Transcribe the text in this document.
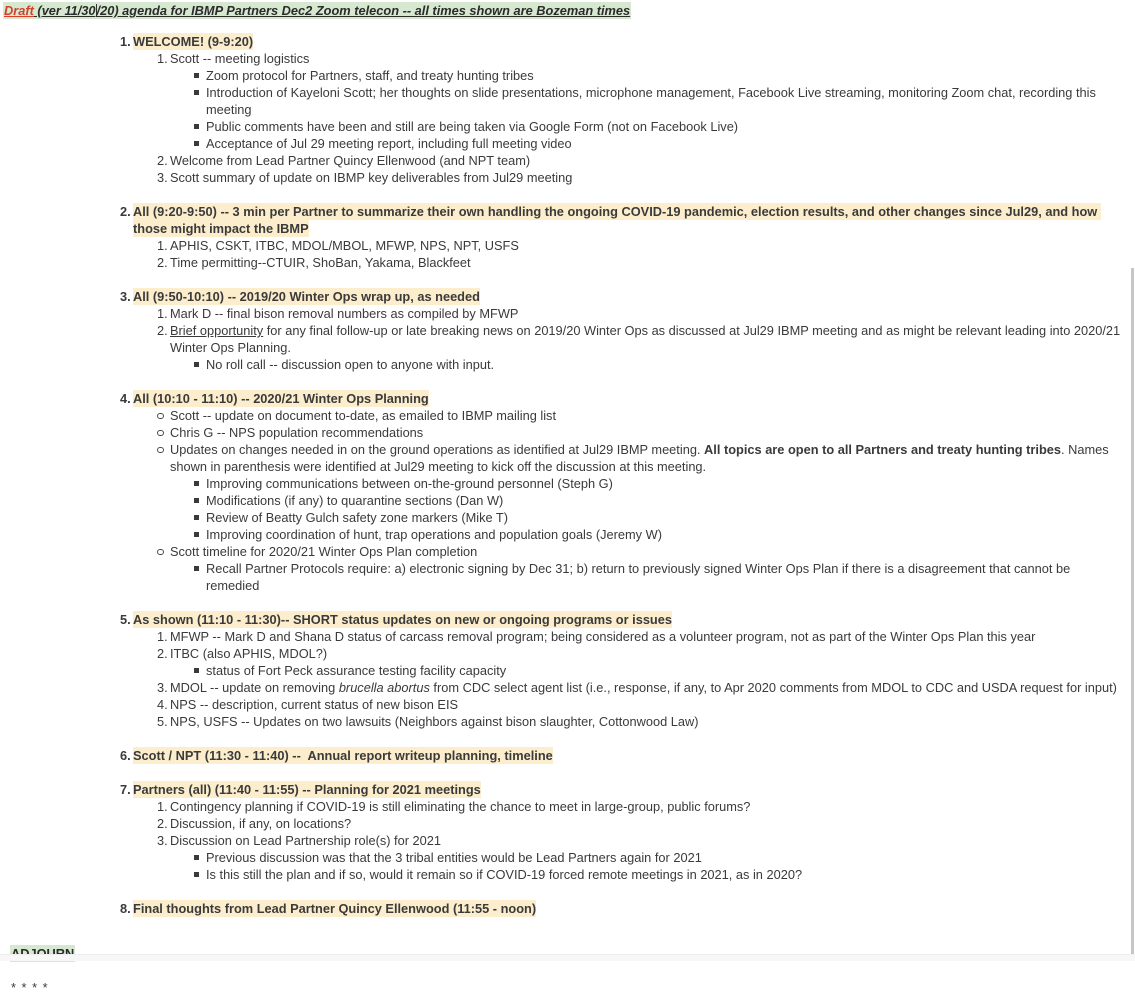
Draft (ver 11/30/20) agenda for IBMP Partners Dec2 Zoom telecon -- all times shown are Bozeman times
1. WELCOME! (9-9:20)
1. Scott -- meeting logistics
Zoom protocol for Partners, staff, and treaty hunting tribes
Introduction of Kayeloni Scott; her thoughts on slide presentations, microphone management, Facebook Live streaming, monitoring Zoom chat, recording this meeting
Public comments have been and still are being taken via Google Form (not on Facebook Live)
Acceptance of Jul 29 meeting report, including full meeting video
2. Welcome from Lead Partner Quincy Ellenwood (and NPT team)
3. Scott summary of update on IBMP key deliverables from Jul29 meeting
2. All (9:20-9:50) -- 3 min per Partner to summarize their own handling the ongoing COVID-19 pandemic, election results, and other changes since Jul29, and how those might impact the IBMP
1. APHIS, CSKT, ITBC, MDOL/MBOL, MFWP, NPS, NPT, USFS
2. Time permitting--CTUIR, ShoBan, Yakama, Blackfeet
3. All (9:50-10:10) -- 2019/20 Winter Ops wrap up, as needed
1. Mark D -- final bison removal numbers as compiled by MFWP
2. Brief opportunity for any final follow-up or late breaking news on 2019/20 Winter Ops as discussed at Jul29 IBMP meeting and as might be relevant leading into 2020/21 Winter Ops Planning.
No roll call -- discussion open to anyone with input.
4. All (10:10 - 11:10) -- 2020/21 Winter Ops Planning
Scott -- update on document to-date, as emailed to IBMP mailing list
Chris G -- NPS population recommendations
Updates on changes needed in on the ground operations as identified at Jul29 IBMP meeting. All topics are open to all Partners and treaty hunting tribes. Names shown in parenthesis were identified at Jul29 meeting to kick off the discussion at this meeting.
Improving communications between on-the-ground personnel (Steph G)
Modifications (if any) to quarantine sections (Dan W)
Review of Beatty Gulch safety zone markers (Mike T)
Improving coordination of hunt, trap operations and population goals (Jeremy W)
Scott timeline for 2020/21 Winter Ops Plan completion
Recall Partner Protocols require: a) electronic signing by Dec 31; b) return to previously signed Winter Ops Plan if there is a disagreement that cannot be remedied
5. As shown (11:10 - 11:30)-- SHORT status updates on new or ongoing programs or issues
1. MFWP -- Mark D and Shana D status of carcass removal program; being considered as a volunteer program, not as part of the Winter Ops Plan this year
2. ITBC (also APHIS, MDOL?)
status of Fort Peck assurance testing facility capacity
3. MDOL -- update on removing brucella abortus from CDC select agent list (i.e., response, if any, to Apr 2020 comments from MDOL to CDC and USDA request for input)
4. NPS -- description, current status of new bison EIS
5. NPS, USFS -- Updates on two lawsuits (Neighbors against bison slaughter, Cottonwood Law)
6. Scott / NPT (11:30 - 11:40) --  Annual report writeup planning, timeline
7. Partners (all) (11:40 - 11:55) -- Planning for 2021 meetings
1. Contingency planning if COVID-19 is still eliminating the chance to meet in large-group, public forums?
2. Discussion, if any, on locations?
3. Discussion on Lead Partnership role(s) for 2021
Previous discussion was that the 3 tribal entities would be Lead Partners again for 2021
Is this still the plan and if so, would it remain so if COVID-19 forced remote meetings in 2021, as in 2020?
8. Final thoughts from Lead Partner Quincy Ellenwood (11:55 - noon)
* * * *
